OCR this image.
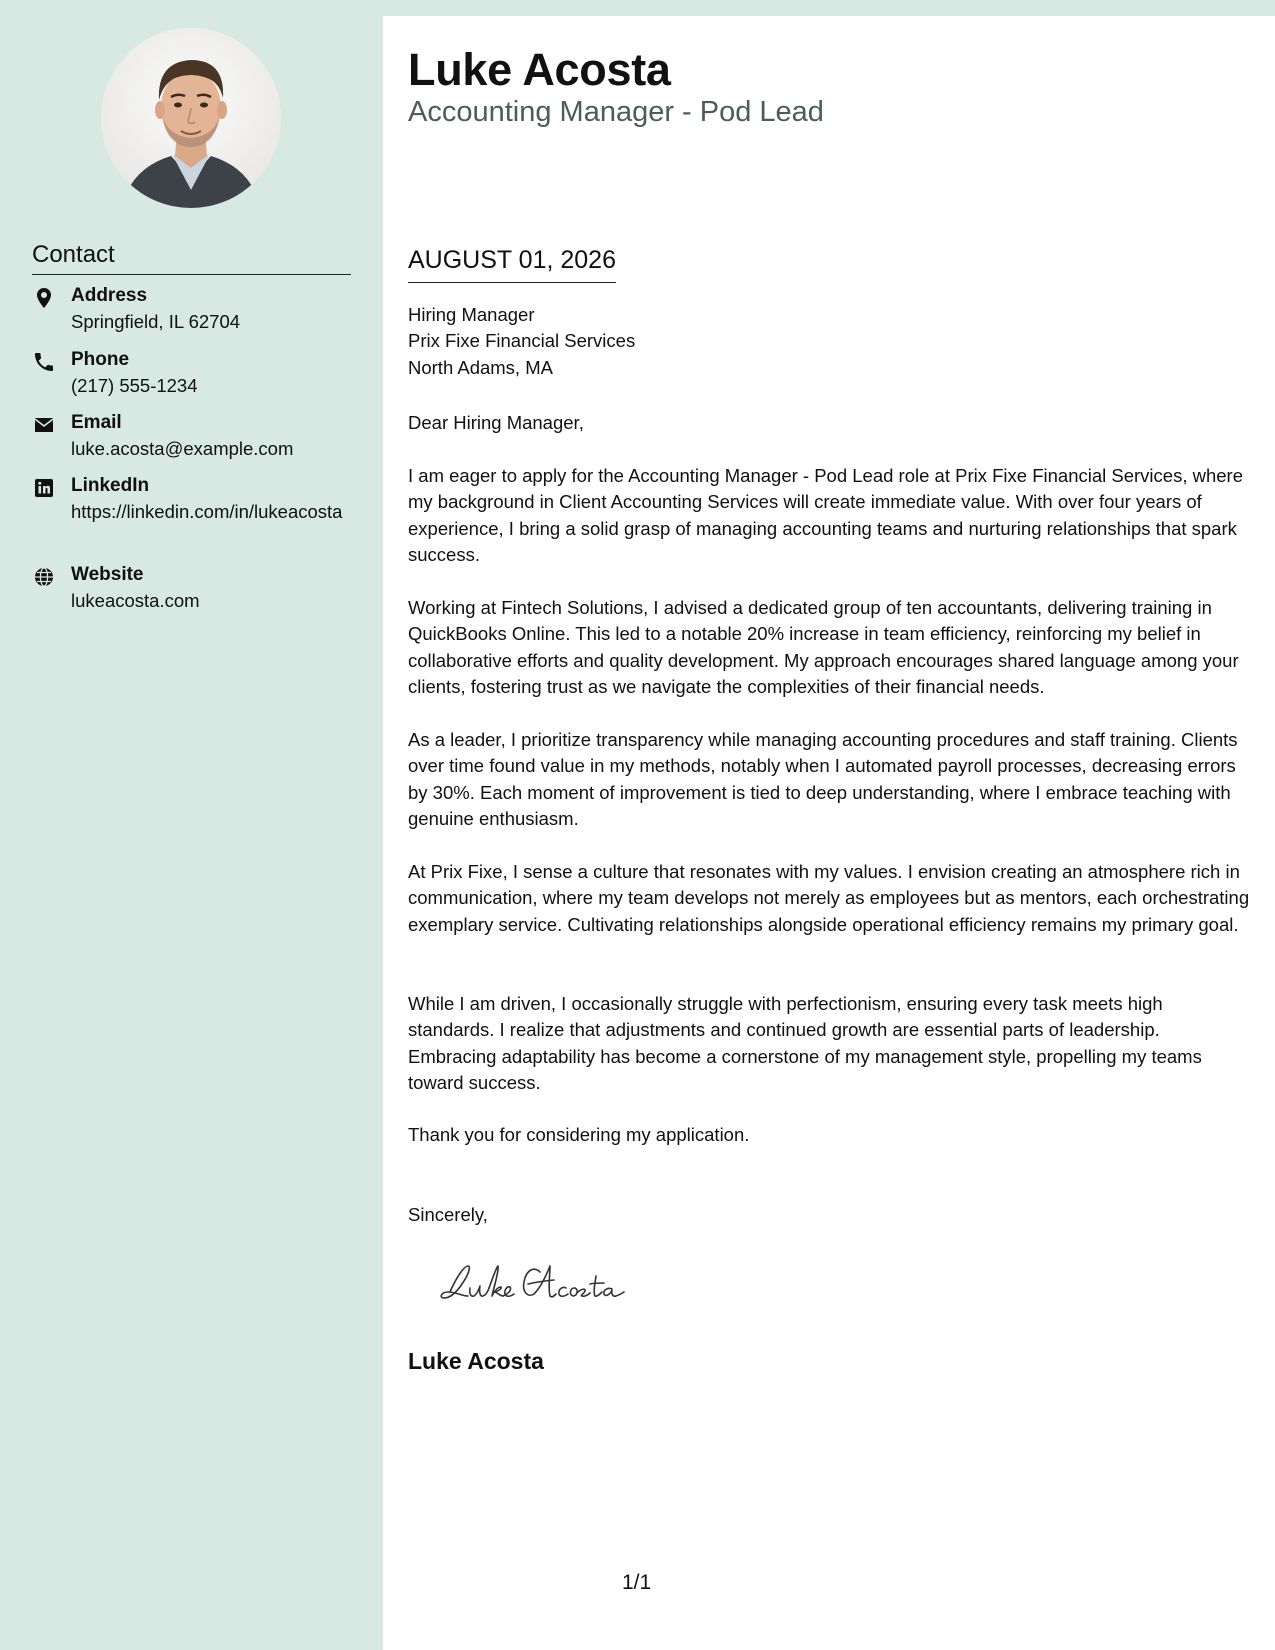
Contact
Address
Springfield, IL 62704
Phone
(217) 555-1234
Email
luke.acosta@example.com
LinkedIn
https://linkedin.com/in/lukeacosta
Website
lukeacosta.com
Luke Acosta
Accounting Manager - Pod Lead
AUGUST 01, 2026

Hiring Manager

Prix Fixe Financial Services

North Adams, MA

Dear Hiring Manager,
I am eager to apply for the Accounting Manager - Pod Lead role at Prix Fixe Financial Services, where my background in Client Accounting Services will create immediate value. With over four years of experience, I bring a solid grasp of managing accounting teams and nurturing relationships that spark success.
Working at Fintech Solutions, I advised a dedicated group of ten accountants, delivering training in QuickBooks Online. This led to a notable 20% increase in team efficiency, reinforcing my belief in collaborative efforts and quality development. My approach encourages shared language among your clients, fostering trust as we navigate the complexities of their financial needs.
As a leader, I prioritize transparency while managing accounting procedures and staff training. Clients over time found value in my methods, notably when I automated payroll processes, decreasing errors by 30%. Each moment of improvement is tied to deep understanding, where I embrace teaching with genuine enthusiasm.
At Prix Fixe, I sense a culture that resonates with my values. I envision creating an atmosphere rich in communication, where my team develops not merely as employees but as mentors, each orchestrating exemplary service. Cultivating relationships alongside operational efficiency remains my primary goal.
While I am driven, I occasionally struggle with perfectionism, ensuring every task meets high standards. I realize that adjustments and continued growth are essential parts of leadership. Embracing adaptability has become a cornerstone of my management style, propelling my teams toward success.
Thank you for considering my application.
Sincerely,
Luke Acosta
1/1
